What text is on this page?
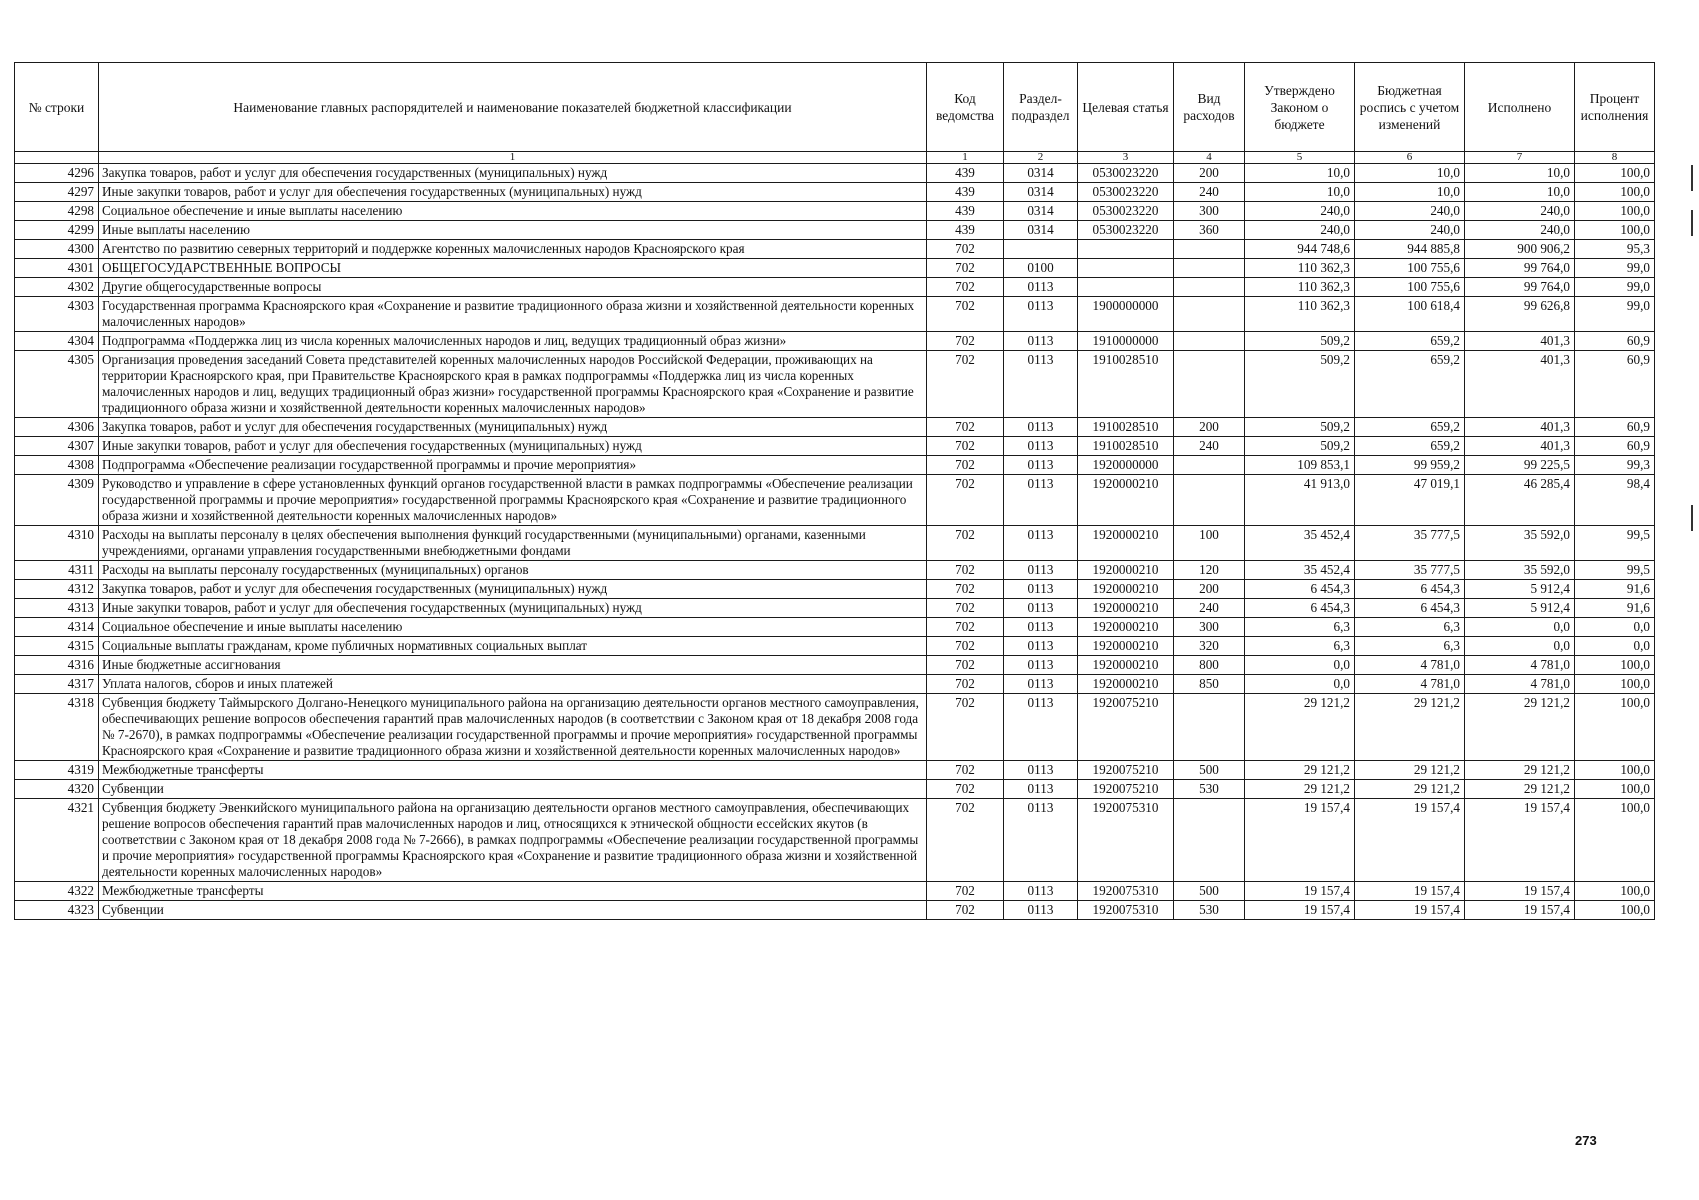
№ строки	Наименование главных распорядителей и наименование показателей бюджетной классификации	Код ведомства	Раздел-подраздел	Целевая статья	Вид расходов	Утверждено Законом о бюджете	Бюджетная роспись с учетом изменений	Исполнено	Процент исполнения
	1	1	2	3	4	5	6	7	8
4296	Закупка товаров, работ и услуг для обеспечения государственных (муниципальных) нужд	439	0314	0530023220	200	10,0	10,0	10,0	100,0
4297	Иные закупки товаров, работ и услуг для обеспечения государственных (муниципальных) нужд	439	0314	0530023220	240	10,0	10,0	10,0	100,0
4298	Социальное обеспечение и иные выплаты населению	439	0314	0530023220	300	240,0	240,0	240,0	100,0
4299	Иные выплаты населению	439	0314	0530023220	360	240,0	240,0	240,0	100,0
4300	Агентство по развитию северных территорий и поддержке коренных малочисленных народов Красноярского края	702				944 748,6	944 885,8	900 906,2	95,3
4301	ОБЩЕГОСУДАРСТВЕННЫЕ ВОПРОСЫ	702	0100			110 362,3	100 755,6	99 764,0	99,0
4302	Другие общегосударственные вопросы	702	0113			110 362,3	100 755,6	99 764,0	99,0
4303	Государственная программа Красноярского края «Сохранение и развитие традиционного образа жизни и хозяйственной деятельности коренных малочисленных народов»	702	0113	1900000000		110 362,3	100 618,4	99 626,8	99,0
4304	Подпрограмма «Поддержка лиц из числа коренных малочисленных народов и лиц, ведущих традиционный образ жизни»	702	0113	1910000000		509,2	659,2	401,3	60,9
4305	Организация проведения заседаний Совета представителей коренных малочисленных народов Российской Федерации, проживающих на территории Красноярского края, при Правительстве Красноярского края в рамках подпрограммы «Поддержка лиц из числа коренных малочисленных народов и лиц, ведущих традиционный образ жизни» государственной программы Красноярского края «Сохранение и развитие традиционного образа жизни и хозяйственной деятельности коренных малочисленных народов»	702	0113	1910028510		509,2	659,2	401,3	60,9
4306	Закупка товаров, работ и услуг для обеспечения государственных (муниципальных) нужд	702	0113	1910028510	200	509,2	659,2	401,3	60,9
4307	Иные закупки товаров, работ и услуг для обеспечения государственных (муниципальных) нужд	702	0113	1910028510	240	509,2	659,2	401,3	60,9
4308	Подпрограмма «Обеспечение реализации государственной программы и прочие мероприятия»	702	0113	1920000000		109 853,1	99 959,2	99 225,5	99,3
4309	Руководство и управление в сфере установленных функций органов государственной власти в рамках подпрограммы «Обеспечение реализации государственной программы и прочие мероприятия» государственной программы Красноярского края «Сохранение и развитие традиционного образа жизни и хозяйственной деятельности коренных малочисленных народов»	702	0113	1920000210		41 913,0	47 019,1	46 285,4	98,4
4310	Расходы на выплаты персоналу в целях обеспечения выполнения функций государственными (муниципальными) органами, казенными учреждениями, органами управления государственными внебюджетными фондами	702	0113	1920000210	100	35 452,4	35 777,5	35 592,0	99,5
4311	Расходы на выплаты персоналу государственных (муниципальных) органов	702	0113	1920000210	120	35 452,4	35 777,5	35 592,0	99,5
4312	Закупка товаров, работ и услуг для обеспечения государственных (муниципальных) нужд	702	0113	1920000210	200	6 454,3	6 454,3	5 912,4	91,6
4313	Иные закупки товаров, работ и услуг для обеспечения государственных (муниципальных) нужд	702	0113	1920000210	240	6 454,3	6 454,3	5 912,4	91,6
4314	Социальное обеспечение и иные выплаты населению	702	0113	1920000210	300	6,3	6,3	0,0	0,0
4315	Социальные выплаты гражданам, кроме публичных нормативных социальных выплат	702	0113	1920000210	320	6,3	6,3	0,0	0,0
4316	Иные бюджетные ассигнования	702	0113	1920000210	800	0,0	4 781,0	4 781,0	100,0
4317	Уплата налогов, сборов и иных платежей	702	0113	1920000210	850	0,0	4 781,0	4 781,0	100,0
4318	Субвенция бюджету Таймырского Долгано-Ненецкого муниципального района на организацию деятельности органов местного самоуправления, обеспечивающих решение вопросов обеспечения гарантий прав малочисленных народов (в соответствии с Законом края от 18 декабря 2008 года № 7-2670), в рамках подпрограммы «Обеспечение реализации государственной программы и прочие мероприятия» государственной программы Красноярского края «Сохранение и развитие традиционного образа жизни и хозяйственной деятельности коренных малочисленных народов»	702	0113	1920075210		29 121,2	29 121,2	29 121,2	100,0
4319	Межбюджетные трансферты	702	0113	1920075210	500	29 121,2	29 121,2	29 121,2	100,0
4320	Субвенции	702	0113	1920075210	530	29 121,2	29 121,2	29 121,2	100,0
4321	Субвенция бюджету Эвенкийского муниципального района на организацию деятельности органов местного самоуправления, обеспечивающих решение вопросов обеспечения гарантий прав малочисленных народов и лиц, относящихся к этнической общности ессейских якутов (в соответствии с Законом края от 18 декабря 2008 года № 7-2666), в рамках подпрограммы «Обеспечение реализации государственной программы и прочие мероприятия» государственной программы Красноярского края «Сохранение и развитие традиционного образа жизни и хозяйственной деятельности коренных малочисленных народов»	702	0113	1920075310		19 157,4	19 157,4	19 157,4	100,0
4322	Межбюджетные трансферты	702	0113	1920075310	500	19 157,4	19 157,4	19 157,4	100,0
4323	Субвенции	702	0113	1920075310	530	19 157,4	19 157,4	19 157,4	100,0
273
